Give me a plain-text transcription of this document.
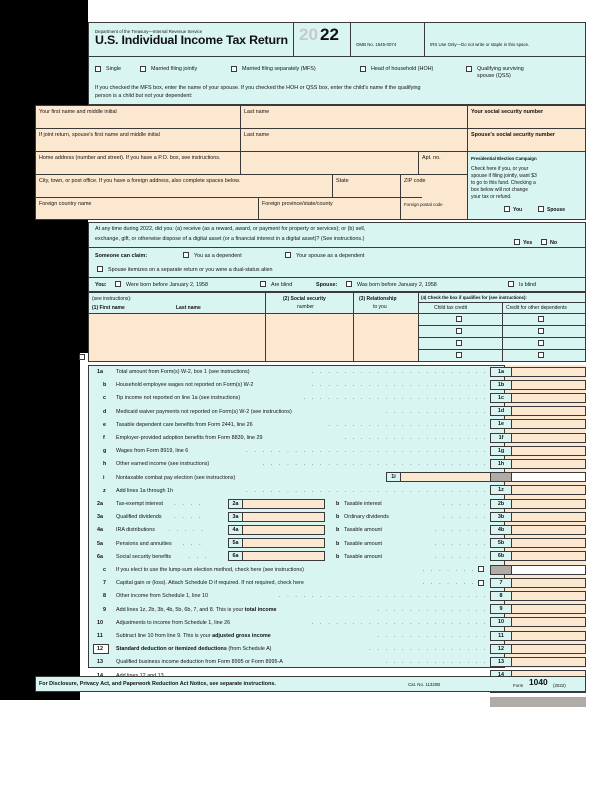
Department of the Treasury—Internal Revenue Service
U.S. Individual Income Tax Return 20 22
OMB No. 1545-0074	IRS Use Only—Do not write or staple in this space.
Single	Married filing jointly	Married filing separately (MFS)	Head of household (HOH)	Qualifying surviving spouse (QSS)
If you checked the MFS box, enter the name of your spouse. If you checked the HOH or QSS box, enter the child's name if the qualifying
person is a child but not your dependent:
Your first name and middle initial	Last name	Your social security number
If joint return, spouse's first name and middle initial	Last name	Spouse's social security number
Home address (number and street). If you have a P.O. box, see instructions.	Apt. no.
City, town, or post office. If you have a foreign address, also complete spaces below.	State	ZIP code
Foreign country name	Foreign province/state/county	Foreign postal code
Presidential Election Campaign
Check here if you, or your
spouse if filing jointly, want $3
to go to this fund. Checking a
box below will not change
your tax or refund.
You	Spouse
At any time during 2022, did you: (a) receive (as a reward, award, or payment for property or services); or (b) sell,
exchange, gift, or otherwise dispose of a digital asset (or a financial interest in a digital asset)? (See instructions.)
Yes	No
Someone can claim:	You as a dependent	Your spouse as a dependent
Spouse itemizes on a separate return or you were a dual-status alien
You:	Were born before January 2, 1958	Are blind	Spouse:	Was born before January 2, 1958	Is blind
(see instructions):
(1) First name	Last name
(2) Social security
number
(3) Relationship
to you
(4) Check the box if qualifies for (see instructions):
Child tax credit	Credit for other dependents
1a Total amount from Form(s) W-2, box 1 (see instructions)	. . . . . . . . . . . . . . . . . . . . . .	1a
b Household employee wages not reported on Form(s) W-2	. . . . . . . . . . . . . . . . . . . . . .	1b
c Tip income not reported on line 1a (see instructions)	. . . . . . . . . . . . . . . . . . . . . . .	1c
d Medicaid waiver payments not reported on Form(s) W-2 (see instructions)	. . . . . . . . . . . . .	1d
e Taxable dependent care benefits from Form 2441, line 26	. . . . . . . . . . . . . . . . . . . .	1e
f Employer-provided adoption benefits from Form 8839, line 29	. . . . . . . . . . . . . . . . . .	1f
g Wages from Form 8919, line 6	. . . . . . . . . . . . . . . . . . . . . . . . . . . . . .	1g
h Other earned income (see instructions)	. . . . . . . . . . . . . . . . . . . . . . . . . . . .	1h
i Nontaxable combat pay election (see instructions)	1i
z Add lines 1a through 1h	. . . . . . . . . . . . . . . . . . . . . . . . . . . . . .	1z
2a Tax-exempt interest . . . .	2a	b Taxable interest	. . . . . .	2b
3a Qualified dividends . . . .	3a	b Ordinary dividends	. . . . . .	3b
4a IRA distributions . . . . .	4a	b Taxable amount	. . . . . . .	4b
5a Pensions and annuities . . .	5a	b Taxable amount	. . . . . . .	5b
6a Social security benefits	. . .	6a	b Taxable amount	. . . . . . .	6b
c If you elect to use the lump-sum election method, check here (see instructions)	. . . . . . .
7 Capital gain or (loss). Attach Schedule D if required. If not required, check here	. . . . . . .	7
8 Other income from Schedule 1, line 10	. . . . . . . . . . . . . . . . . . . . . . . . . .	8
9 Add lines 1z, 2b, 3b, 4b, 5b, 6b, 7, and 8. This is your total income	. . . . . . . . . . . . . .	9
10 Adjustments to income from Schedule 1, line 26	. . . . . . . . . . . . . . . . . . . . . .	10
11 Subtract line 10 from line 9. This is your adjusted gross income	. . . . . . . . . . . . . .	11
12 Standard deduction or itemized deductions (from Schedule A)	. . . . . . . . . . . . . . .	12
13 Qualified business income deduction from Form 8995 or Form 8995-A	. . . . . . . . . . . . .	13
For Disclosure, Privacy Act, and Paperwork Reduction Act Notice, see separate instructions.	Cat. No. 11320B	Form 1040 (2022)
